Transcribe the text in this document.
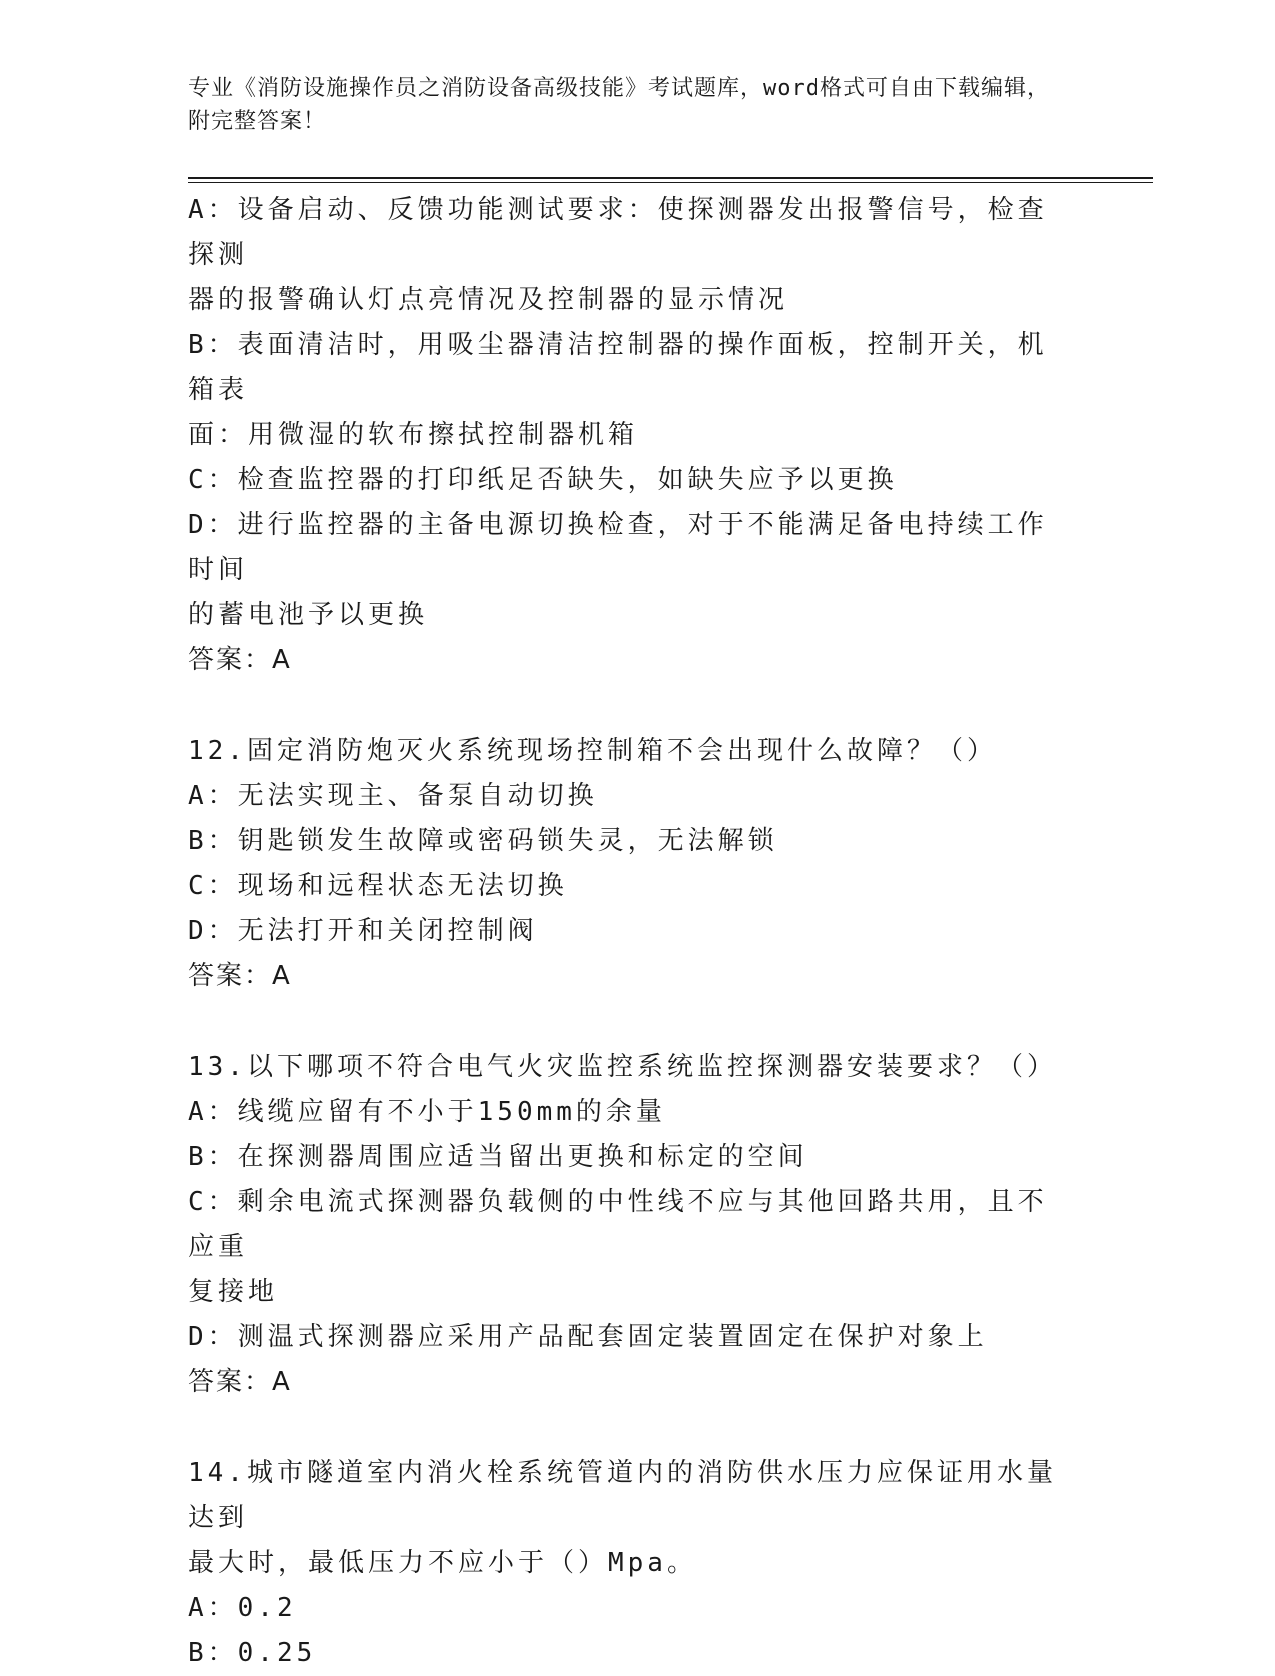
专业《消防设施操作员之消防设备高级技能》考试题库，word格式可自由下载编辑，附完整答案！
A：设备启动、反馈功能测试要求：使探测器发出报警信号，检查探测
器的报警确认灯点亮情况及控制器的显示情况
B：表面清洁时，用吸尘器清洁控制器的操作面板，控制开关，机箱表
面：用微湿的软布擦拭控制器机箱
C：检查监控器的打印纸足否缺失，如缺失应予以更换
D：进行监控器的主备电源切换检查，对于不能满足备电持续工作时间
的蓄电池予以更换
答案：A
12.固定消防炮灭火系统现场控制箱不会出现什么故障？（）
A：无法实现主、备泵自动切换
B：钥匙锁发生故障或密码锁失灵，无法解锁
C：现场和远程状态无法切换
D：无法打开和关闭控制阀
答案：A
13.以下哪项不符合电气火灾监控系统监控探测器安装要求？（）
A：线缆应留有不小于150mm的余量
B：在探测器周围应适当留出更换和标定的空间
C：剩余电流式探测器负载侧的中性线不应与其他回路共用，且不应重
复接地
D：测温式探测器应采用产品配套固定装置固定在保护对象上
答案：A
14.城市隧道室内消火栓系统管道内的消防供水压力应保证用水量达到
最大时，最低压力不应小于（）Mpa。
A：0.2
B：0.25
